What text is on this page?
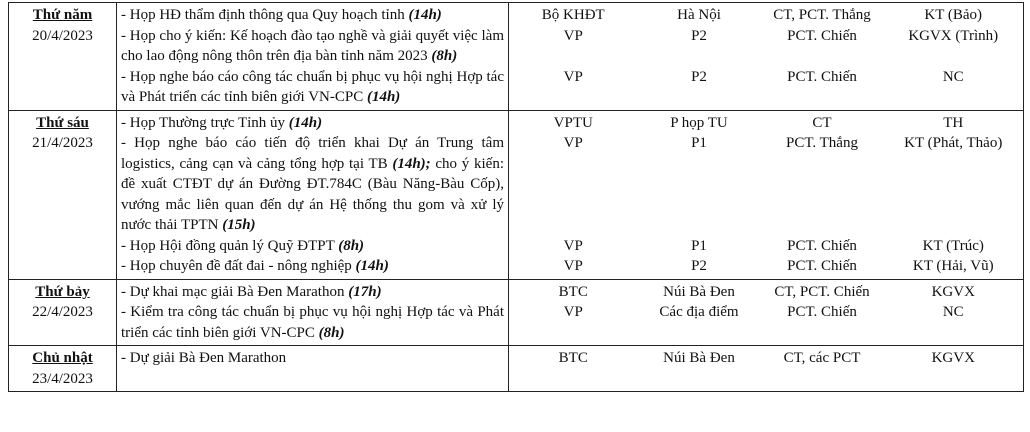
Thứ năm
20/4/2023	- Họp HĐ thẩm định thông qua Quy hoạch tỉnh (14h)	Bộ KHĐT	Hà Nội	CT, PCT. Thắng	KT (Bảo)
	- Họp cho ý kiến: Kế hoạch đào tạo nghề và giải quyết việc làm cho lao động nông thôn trên địa bàn tỉnh năm 2023 (8h)	VP	P2	PCT. Chiến	KGVX (Trình)
	- Họp nghe báo cáo công tác chuẩn bị phục vụ hội nghị Hợp tác và Phát triển các tỉnh biên giới VN-CPC (14h)	VP	P2	PCT. Chiến	NC

Thứ sáu
21/4/2023	- Họp Thường trực Tỉnh ủy (14h)	VPTU	P họp TU	CT	TH
	- Họp nghe báo cáo tiến độ triển khai Dự án Trung tâm logistics, cảng cạn và cảng tổng hợp tại TB (14h); cho ý kiến: đề xuất CTĐT dự án Đường ĐT.784C (Bàu Năng-Bàu Cốp), vướng mắc liên quan đến dự án Hệ thống thu gom và xử lý nước thải TPTN (15h)	VP	P1	PCT. Thắng	KT (Phát, Thảo)
	- Họp Hội đồng quản lý Quỹ ĐTPT (8h)	VP	P1	PCT. Chiến	KT (Trúc)
	- Họp chuyên đề đất đai - nông nghiệp (14h)	VP	P2	PCT. Chiến	KT (Hải, Vũ)

Thứ bảy
22/4/2023	- Dự khai mạc giải Bà Đen Marathon (17h)	BTC	Núi Bà Đen	CT, PCT. Chiến	KGVX
	- Kiểm tra công tác chuẩn bị phục vụ hội nghị Hợp tác và Phát triển các tỉnh biên giới VN-CPC (8h)	VP	Các địa điểm	PCT. Chiến	NC

Chủ nhật
23/4/2023	- Dự giải Bà Đen Marathon	BTC	Núi Bà Đen	CT, các PCT	KGVX
